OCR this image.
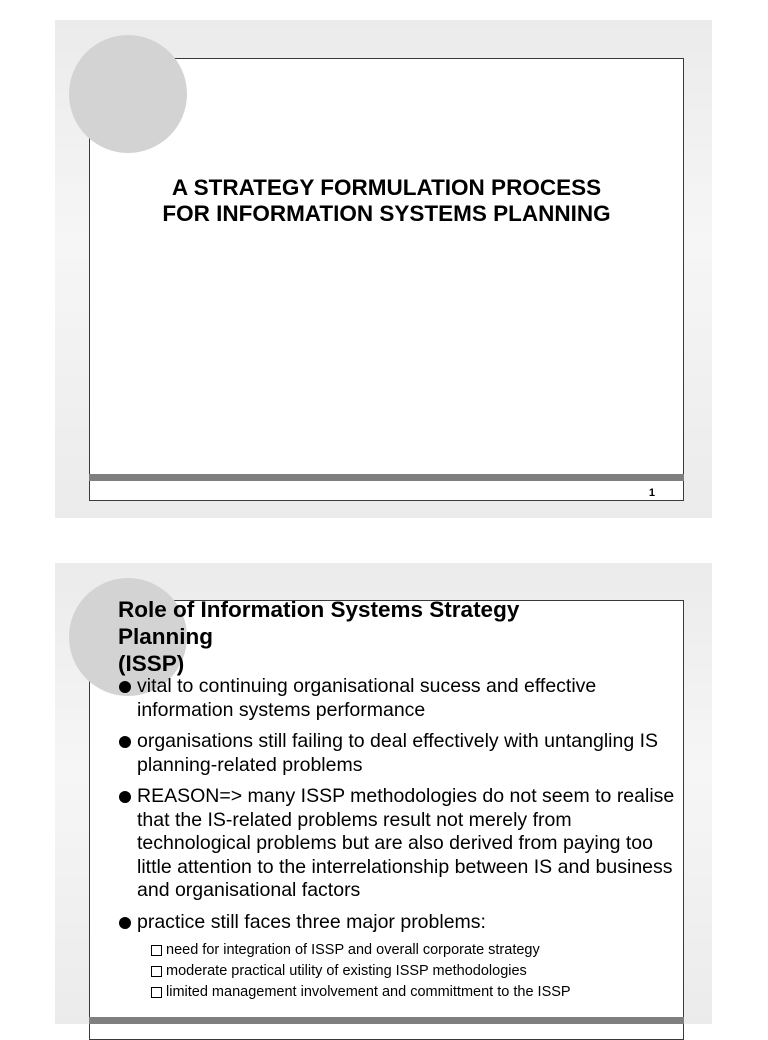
A STRATEGY FORMULATION PROCESS
FOR INFORMATION SYSTEMS PLANNING
1
Role of Information Systems Strategy
Planning
(ISSP)
vital to continuing organisational sucess and effective information systems performance
organisations still failing to deal effectively with untangling IS planning-related problems
REASON=> many ISSP methodologies do not seem to realise that the IS-related problems result not merely from technological problems but are also derived from paying too little attention to the interrelationship between IS and business and organisational factors
practice still faces three major problems:
need for integration of ISSP and overall corporate strategy
moderate practical utility of existing ISSP methodologies
limited management involvement and committment to the ISSP
